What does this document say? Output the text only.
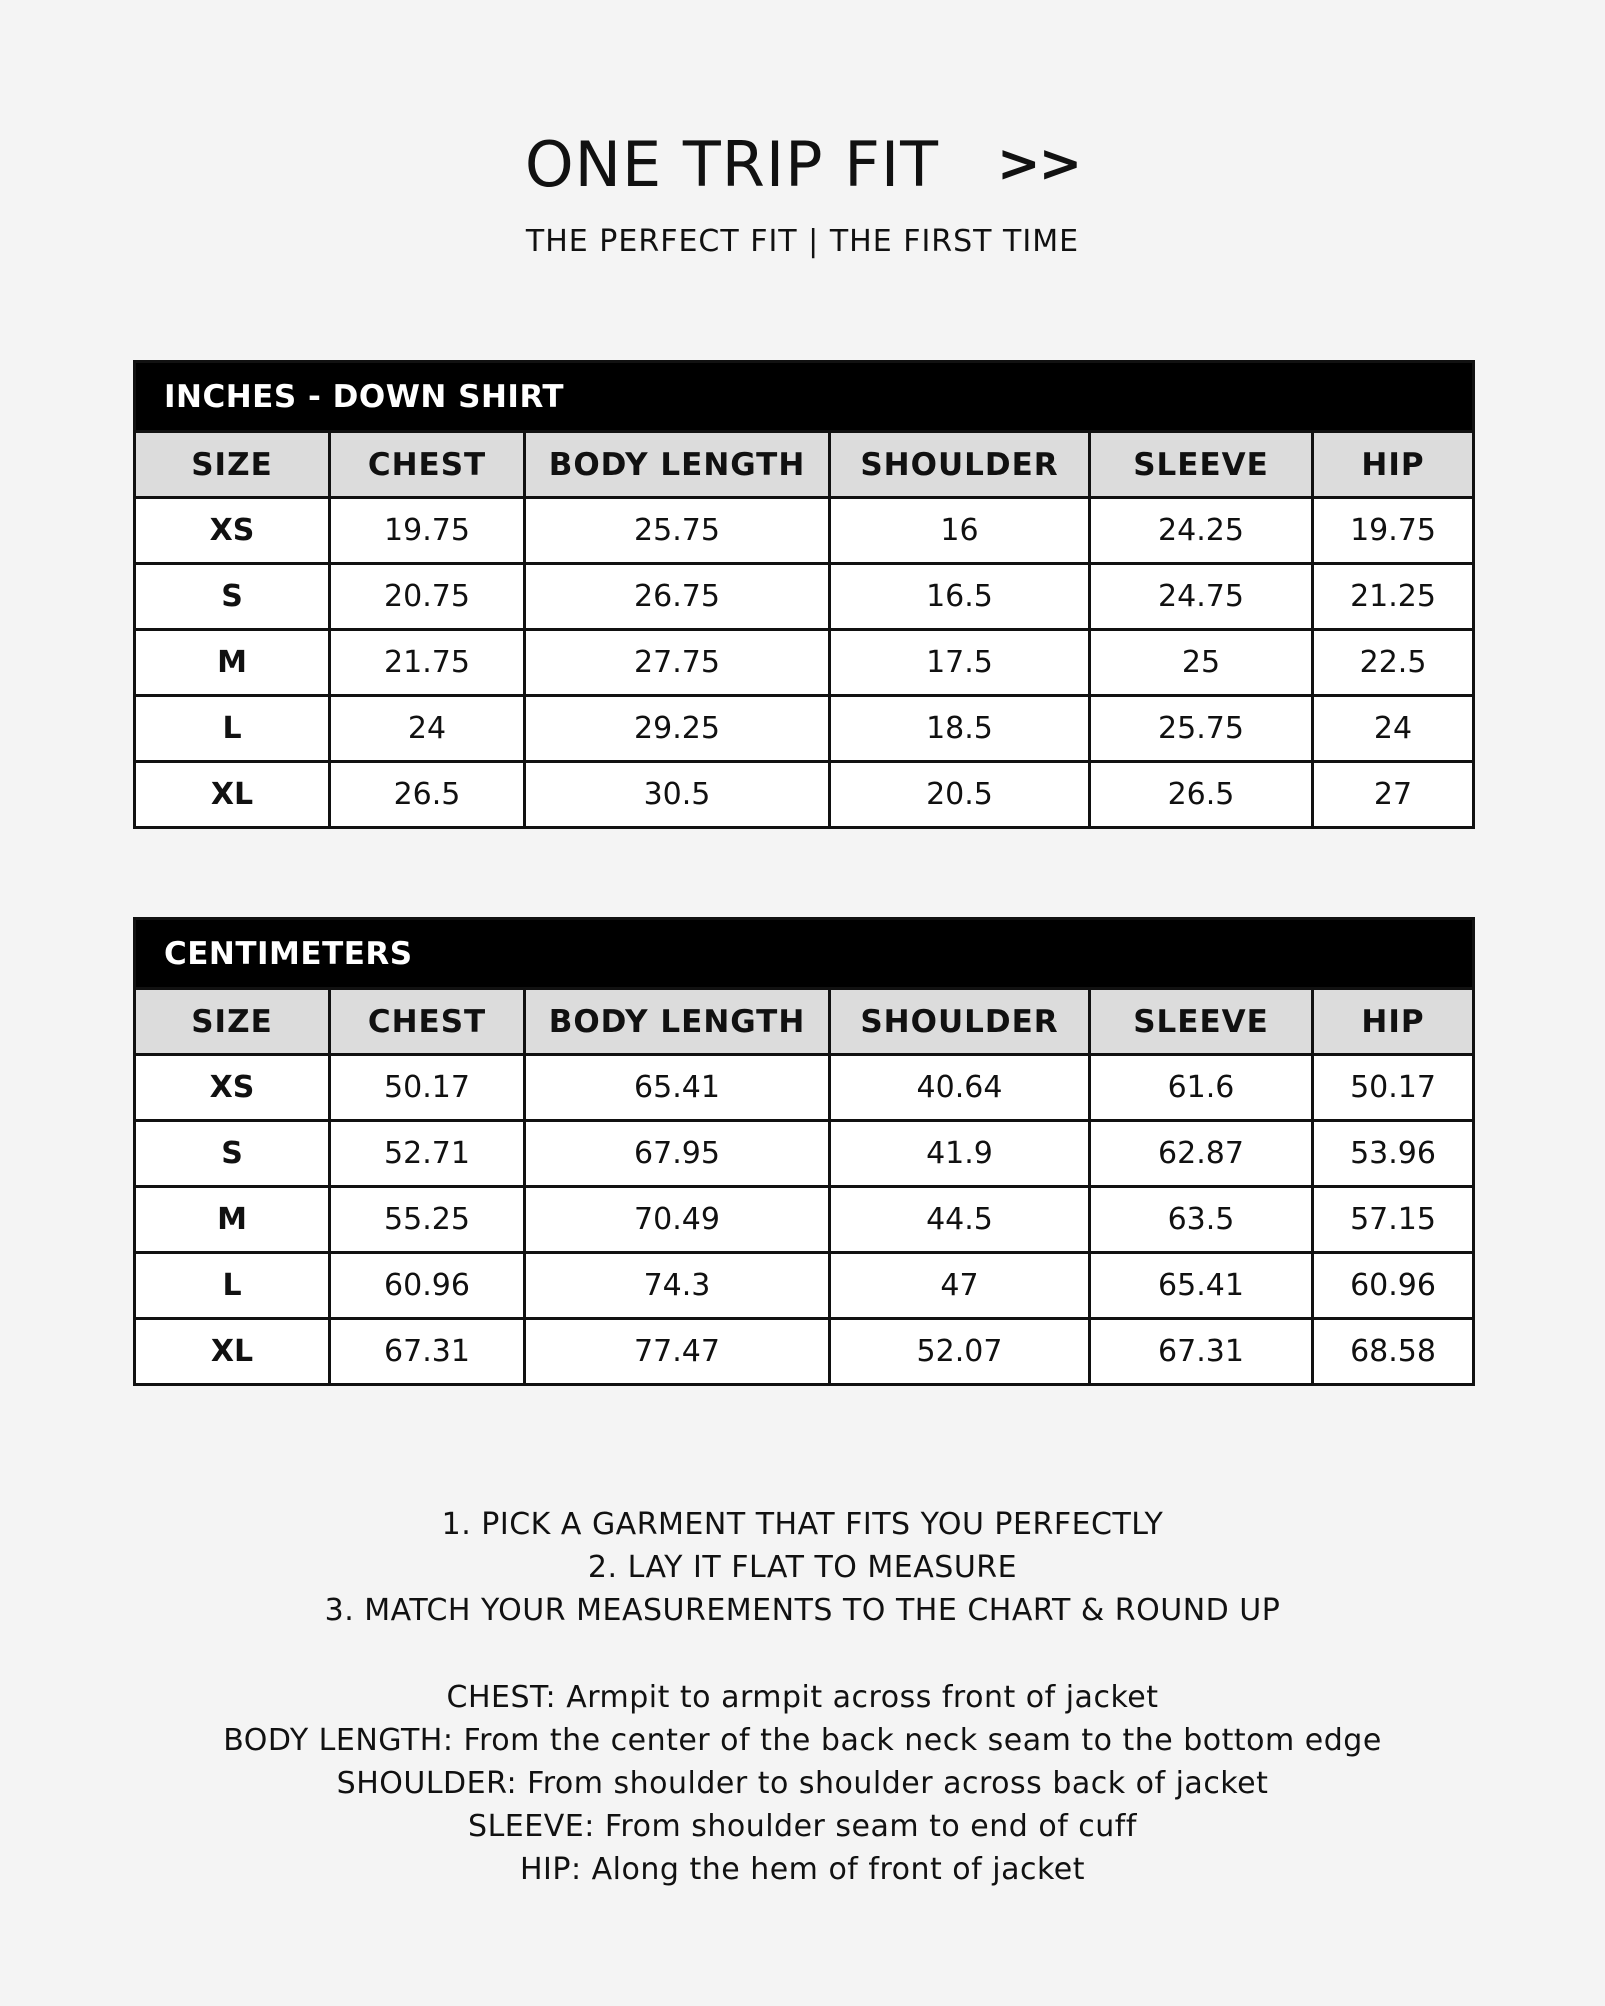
ONE TRIP FIT >>
THE PERFECT FIT | THE FIRST TIME
INCHES - DOWN SHIRT					
SIZE	CHEST	BODY LENGTH	SHOULDER	SLEEVE	HIP
XS	19.75	25.75	16	24.25	19.75
S	20.75	26.75	16.5	24.75	21.25
M	21.75	27.75	17.5	25	22.5
L	24	29.25	18.5	25.75	24
XL	26.5	30.5	20.5	26.5	27
CENTIMETERS					
SIZE	CHEST	BODY LENGTH	SHOULDER	SLEEVE	HIP
XS	50.17	65.41	40.64	61.6	50.17
S	52.71	67.95	41.9	62.87	53.96
M	55.25	70.49	44.5	63.5	57.15
L	60.96	74.3	47	65.41	60.96
XL	67.31	77.47	52.07	67.31	68.58
1. PICK A GARMENT THAT FITS YOU PERFECTLY
2. LAY IT FLAT TO MEASURE
3. MATCH YOUR MEASUREMENTS TO THE CHART & ROUND UP
CHEST: Armpit to armpit across front of jacket
BODY LENGTH: From the center of the back neck seam to the bottom edge
SHOULDER: From shoulder to shoulder across back of jacket
SLEEVE: From shoulder seam to end of cuff
HIP: Along the hem of front of jacket
